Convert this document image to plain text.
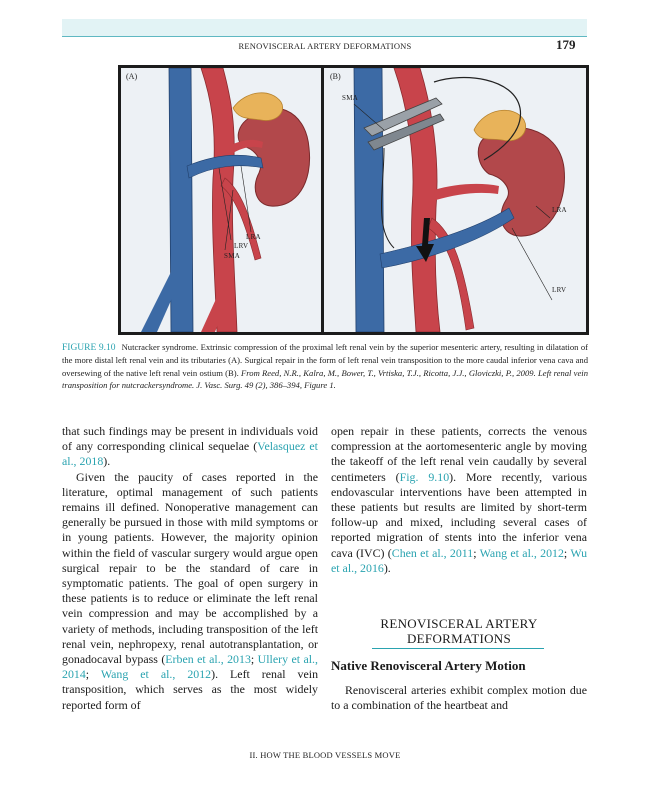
RENOVISCERAL ARTERY DEFORMATIONS	179
(A)
LRA
LRV
SMA
(B)
SMA
LRA
LRV
FIGURE 9.10 Nutcracker syndrome. Extrinsic compression of the proximal left renal vein by the superior mesenteric artery, resulting in dilatation of the more distal left renal vein and its tributaries (A). Surgical repair in the form of left renal vein transposition to the more caudal inferior vena cava and oversewing of the native left renal vein ostium (B). From Reed, N.R., Kalra, M., Bower, T., Vrtiska, T.J., Ricotta, J.J., Gloviczki, P., 2009. Left renal vein transposition for nutcrackersyndrome. J. Vasc. Surg. 49 (2), 386–394, Figure 1.

that such findings may be present in individuals void of any corresponding clinical sequelae (Velasquez et al., 2018).

Given the paucity of cases reported in the literature, optimal management of such patients remains ill defined. Nonoperative management can generally be pursued in those with mild symptoms or in young patients. However, the majority opinion within the field of vascular surgery would argue open surgical repair to be the standard of care in symptomatic patients. The goal of open surgery in these patients is to reduce or eliminate the left renal vein compression and may be accomplished by a variety of methods, including transposition of the left renal vein, nephropexy, renal autotransplantation, or gonadocaval bypass (Erben et al., 2013; Ullery et al., 2014; Wang et al., 2012). Left renal vein transposition, which serves as the most widely reported form of

open repair in these patients, corrects the venous compression at the aortomesenteric angle by moving the takeoff of the left renal vein caudally by several centimeters (Fig. 9.10). More recently, various endovascular interventions have been attempted in these patients but results are limited by short-term follow-up and mixed, including several cases of reported migration of stents into the inferior vena cava (IVC) (Chen et al., 2011; Wang et al., 2012; Wu et al., 2016).

RENOVISCERAL ARTERY DEFORMATIONS
Native Renovisceral Artery Motion

Renovisceral arteries exhibit complex motion due to a combination of the heartbeat and

II. HOW THE BLOOD VESSELS MOVE
